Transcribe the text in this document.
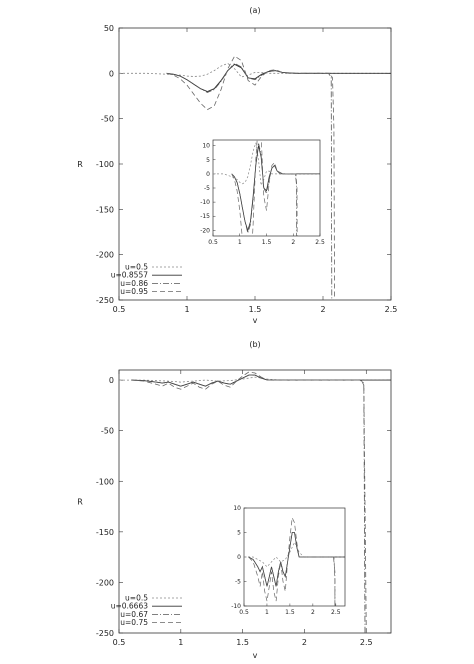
(a)
0.5	1	1.5	2	2.5
50
0
-50
-100
-150
-200
-250
v
R
u=0.5
u=0.8557
u=0.86
u=0.95
0.5	1	1.5	2	2.5
10
5
0
-5
-10
-15
-20
(b)
0.5	1	1.5	2	2.5
0
-50
-100
-150
-200
-250
v
R
u=0.5
u=0.6663
u=0.67
u=0.75
0.5	1	1.5	2	2.5
10
5
0
-5
-10
